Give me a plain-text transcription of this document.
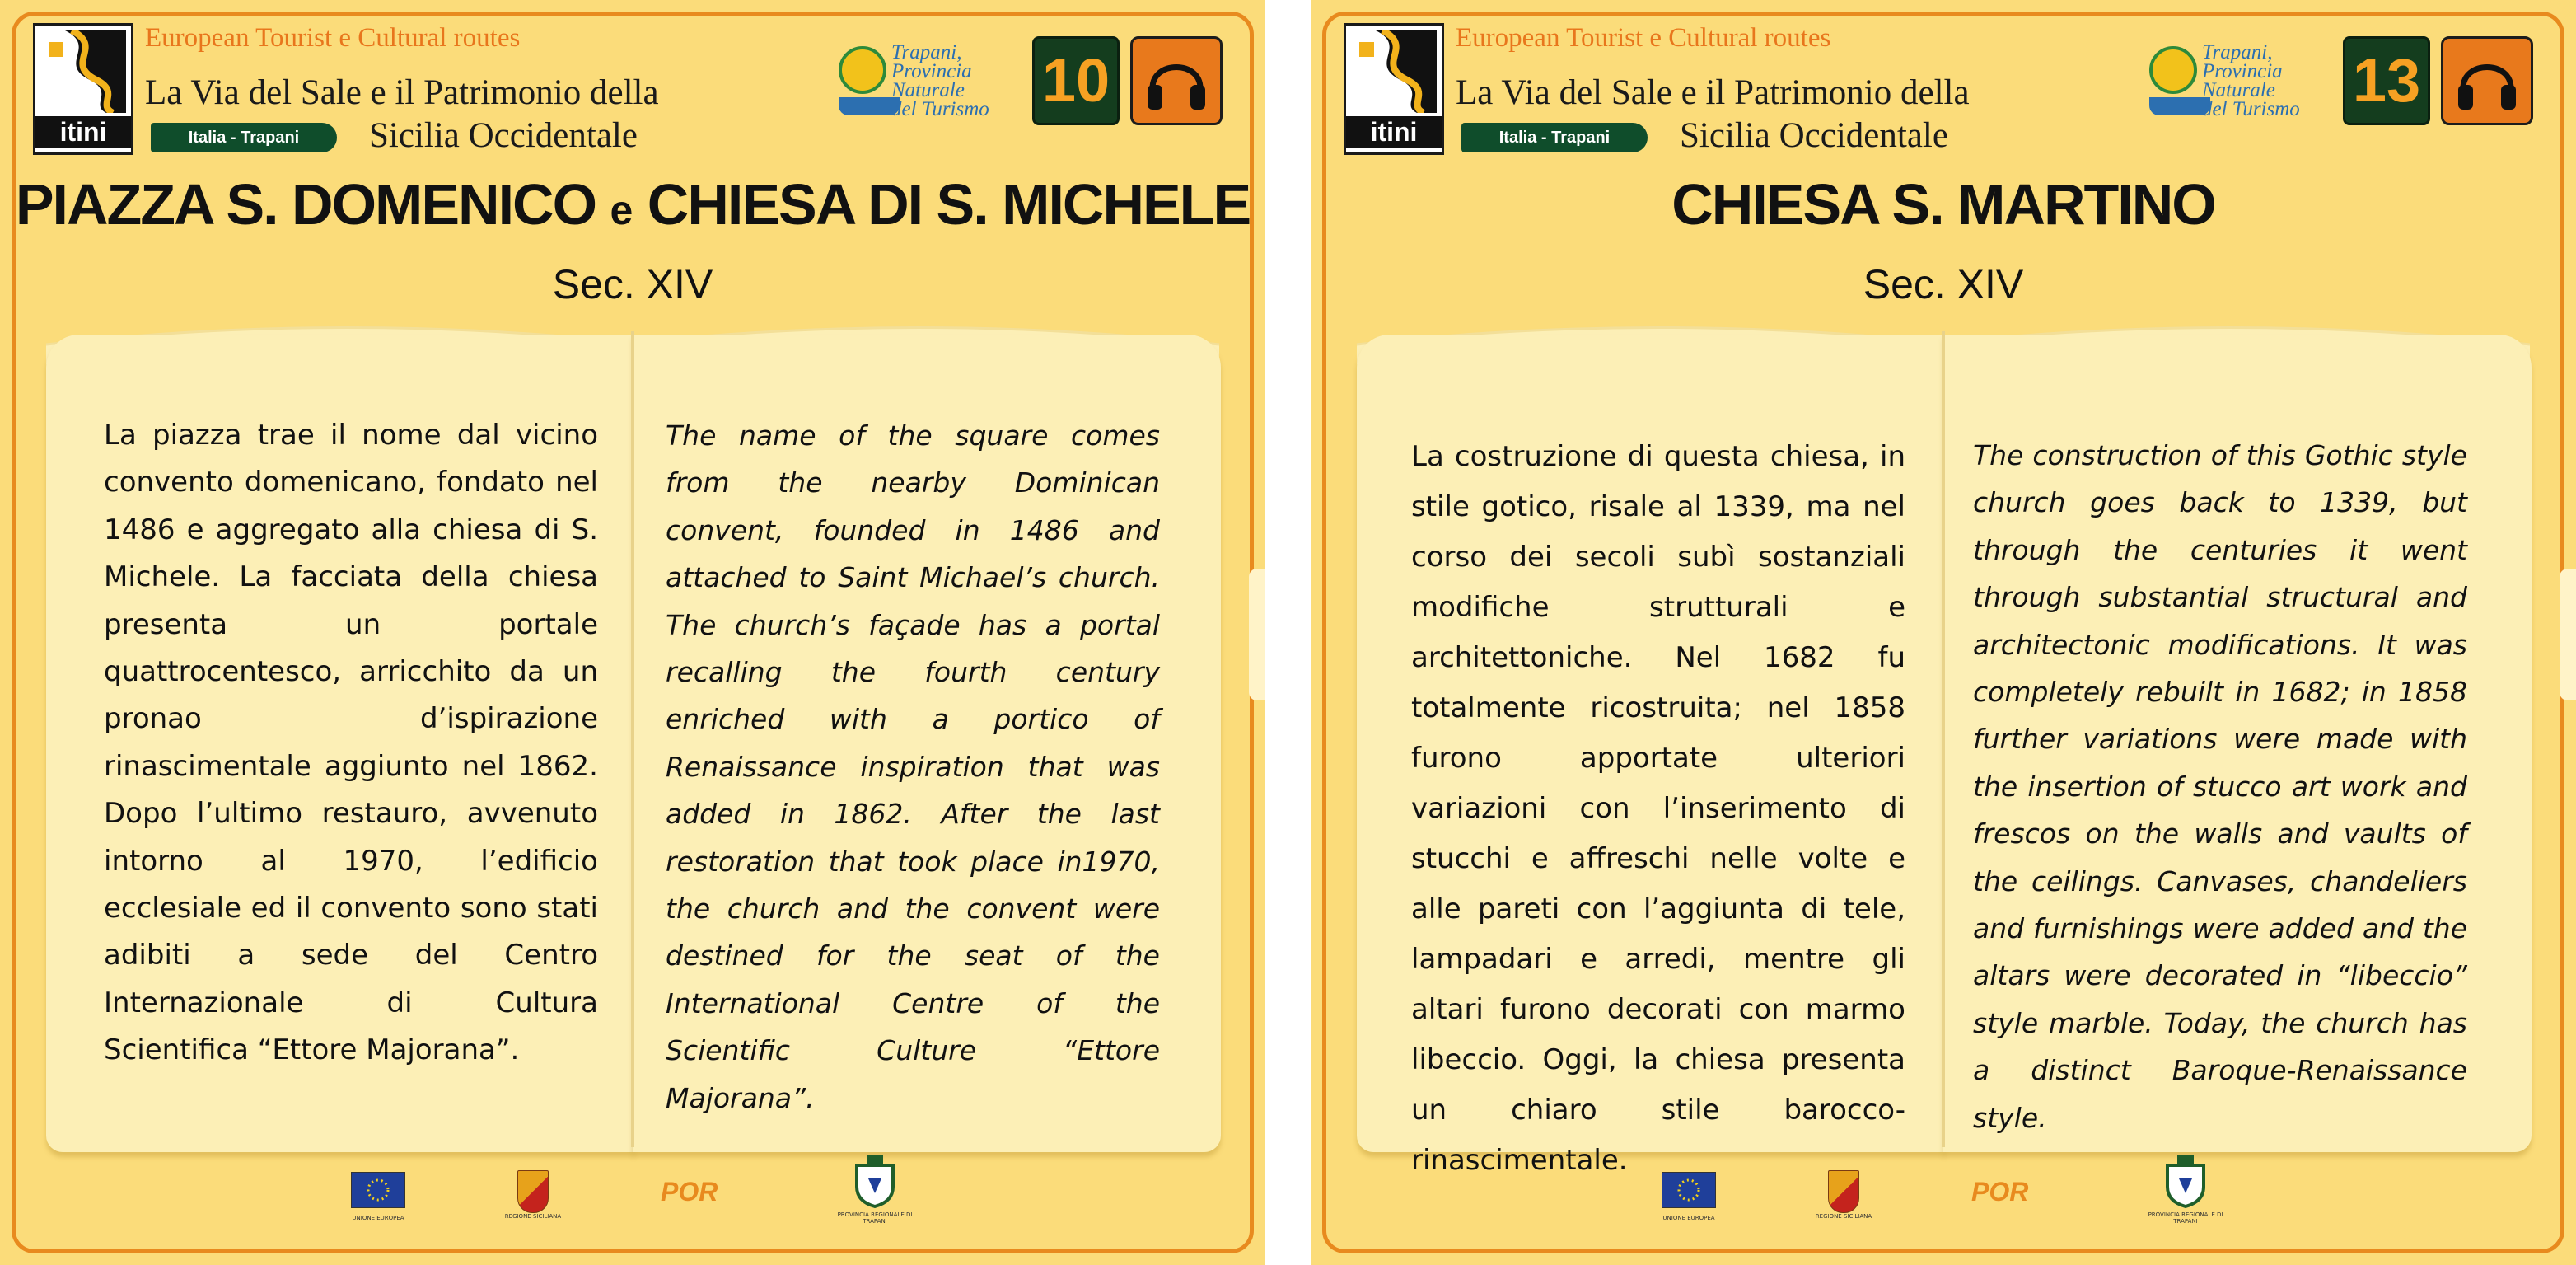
itini
European Tourist e Cultural routes
La Via del Sale e il Patrimonio della
Italia - Trapani	Sicilia Occidentale
Trapani,
Provincia
Naturale
del Turismo 10
PIAZZA S. DOMENICO e CHIESA DI S. MICHELE
Sec. XIV
La piazza trae il nome dal vicino convento domenicano, fondato nel 1486 e aggregato alla chiesa di S. Michele. La facciata della chiesa presenta un portale quattrocentesco, arricchito da un pronao d’ispirazione rinascimentale aggiunto nel 1862. Dopo l’ultimo restauro, avvenuto intorno al 1970, l’edificio ecclesiale ed il convento sono stati adibiti a sede del Centro Internazionale di Cultura Scientifica “Ettore Majorana”.
The name of the square comes from the nearby Dominican convent, founded in 1486 and attached to Saint Michael’s church. The church’s façade has a portal recalling the fourth century enriched with a portico of Renaissance inspiration that was added in 1862. After the last restoration that took place in1970, the church and the convent were destined for the seat of the International Centre of the Scientific Culture “Ettore Majorana”.
UNIONE EUROPEA	REGIONE SICILIANA
POR
PROVINCIA REGIONALE DI TRAPANI
itini
European Tourist e Cultural routes
La Via del Sale e il Patrimonio della
Italia - Trapani	Sicilia Occidentale
Trapani,
Provincia
Naturale
del Turismo 13
CHIESA S. MARTINO
Sec. XIV
La costruzione di questa chiesa, in stile gotico, risale al 1339, ma nel corso dei secoli subì sostanziali modifiche strutturali e architettoniche. Nel 1682 fu totalmente ricostruita; nel 1858 furono apportate ulteriori variazioni con l’inserimento di stucchi e affreschi nelle volte e alle pareti con l’aggiunta di tele, lampadari e arredi, mentre gli altari furono decorati con marmo libeccio. Oggi, la chiesa presenta un chiaro stile barocco-rinascimentale.
The construction of this Gothic style church goes back to 1339, but through the centuries it went through substantial structural and architectonic modifications. It was completely rebuilt in 1682; in 1858 further variations were made with the insertion of stucco art work and frescos on the walls and vaults of the ceilings. Canvases, chandeliers and furnishings were added and the altars were decorated in “libeccio” style marble. Today, the church has a distinct Baroque-Renaissance style.
UNIONE EUROPEA	REGIONE SICILIANA
POR
PROVINCIA REGIONALE DI TRAPANI
